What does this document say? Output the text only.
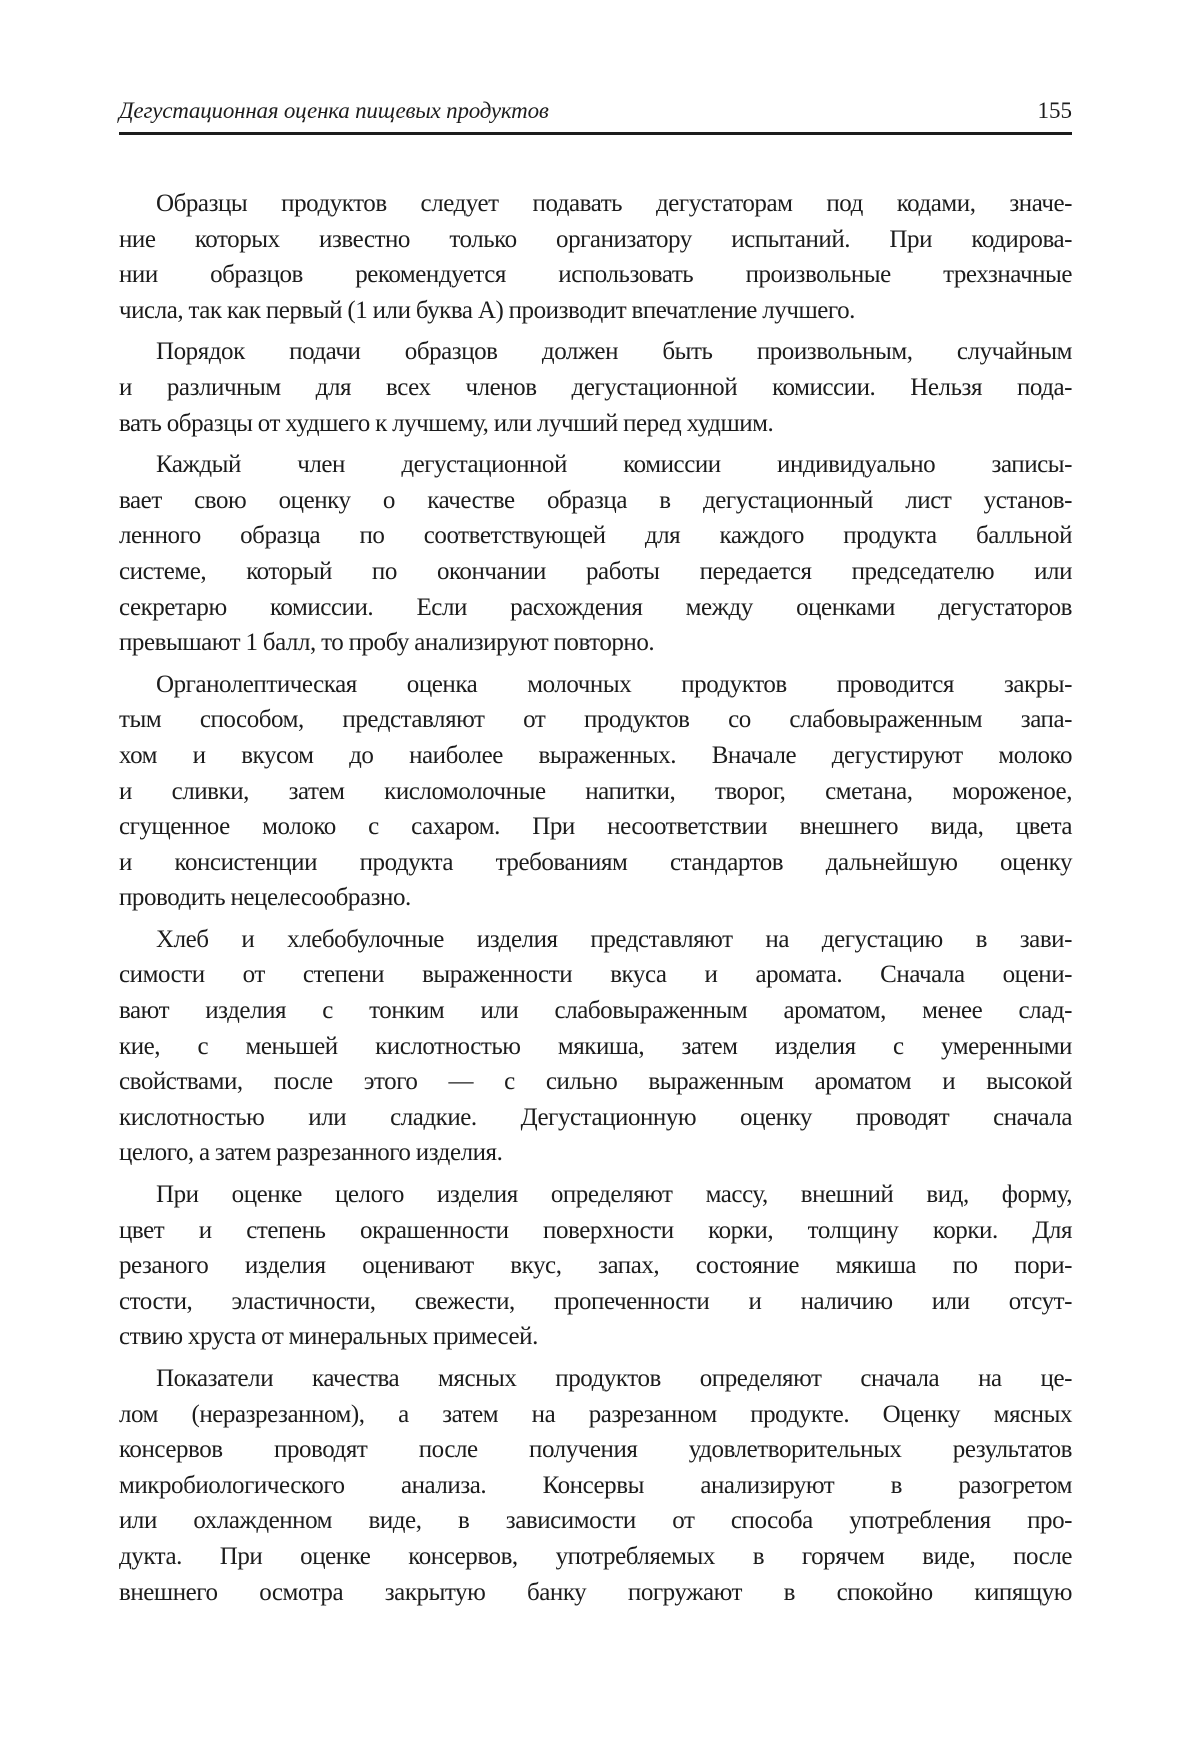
Дегустационная оценка пищевых продуктов	155

Образцы продуктов следует подавать дегустаторам под кодами, значе-
ние которых известно только организатору испытаний. При кодирова-
нии образцов рекомендуется использовать произвольные трехзначные
числа, так как первый (1 или буква А) производит впечатление лучшего.

Порядок подачи образцов должен быть произвольным, случайным
и различным для всех членов дегустационной комиссии. Нельзя пода-
вать образцы от худшего к лучшему, или лучший перед худшим.

Каждый член дегустационной комиссии индивидуально записы-
вает свою оценку о качестве образца в дегустационный лист установ-
ленного образца по соответствующей для каждого продукта балльной
системе, который по окончании работы передается председателю или
секретарю комиссии. Если расхождения между оценками дегустаторов
превышают 1 балл, то пробу анализируют повторно.

Органолептическая оценка молочных продуктов проводится закры-
тым способом, представляют от продуктов со слабовыраженным запа-
хом и вкусом до наиболее выраженных. Вначале дегустируют молоко
и сливки, затем кисломолочные напитки, творог, сметана, мороженое,
сгущенное молоко с сахаром. При несоответствии внешнего вида, цвета
и консистенции продукта требованиям стандартов дальнейшую оценку
проводить нецелесообразно.

Хлеб и хлебобулочные изделия представляют на дегустацию в зави-
симости от степени выраженности вкуса и аромата. Сначала оцени-
вают изделия с тонким или слабовыраженным ароматом, менее слад-
кие, с меньшей кислотностью мякиша, затем изделия с умеренными
свойствами, после этого — с сильно выраженным ароматом и высокой
кислотностью или сладкие. Дегустационную оценку проводят сначала
целого, а затем разрезанного изделия.

При оценке целого изделия определяют массу, внешний вид, форму,
цвет и степень окрашенности поверхности корки, толщину корки. Для
резаного изделия оценивают вкус, запах, состояние мякиша по пори-
стости, эластичности, свежести, пропеченности и наличию или отсут-
ствию хруста от минеральных примесей.

Показатели качества мясных продуктов определяют сначала на це-
лом (неразрезанном), а затем на разрезанном продукте. Оценку мясных
консервов проводят после получения удовлетворительных результатов
микробиологического анализа. Консервы анализируют в разогретом
или охлажденном виде, в зависимости от способа употребления про-
дукта. При оценке консервов, употребляемых в горячем виде, после
внешнего осмотра закрытую банку погружают в спокойно кипящую
